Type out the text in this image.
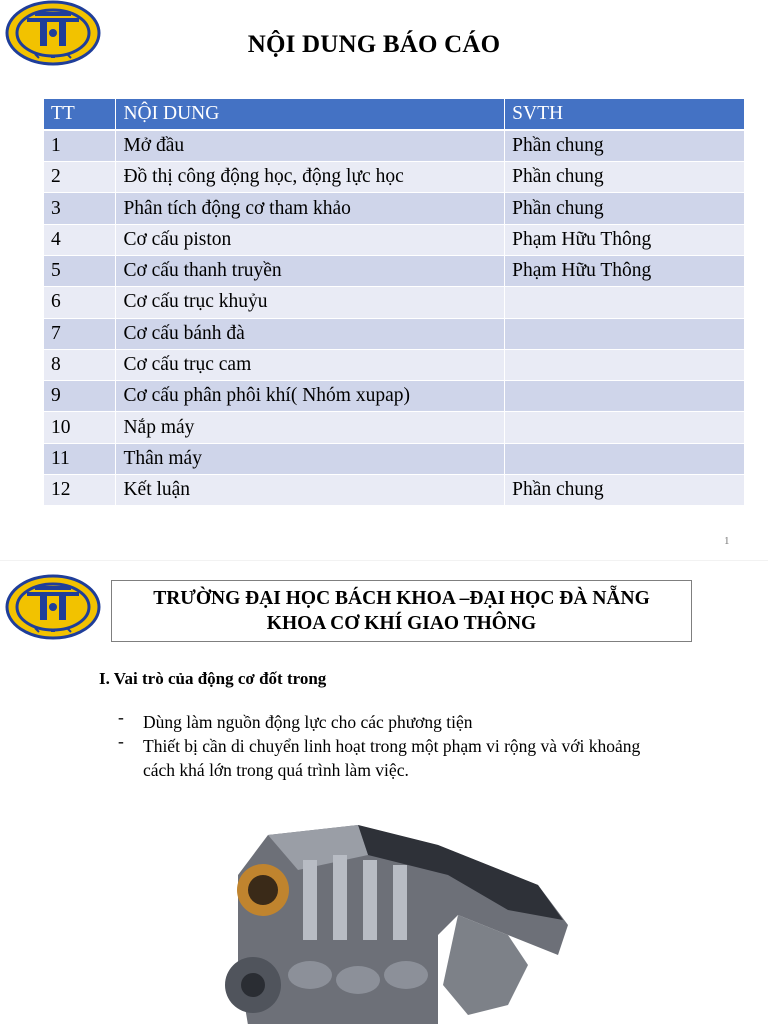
NỘI DUNG BÁO CÁO
TT	NỘI DUNG	SVTH
1	Mở đầu	Phần chung
2	Đồ thị công động học, động lực học	Phần chung
3	Phân tích động cơ tham khảo	Phần chung
4	Cơ cấu piston	Phạm Hữu Thông
5	Cơ cấu thanh truyền	Phạm Hữu Thông
6	Cơ cấu trục khuỷu	
7	Cơ cấu bánh đà	
8	Cơ cấu trục cam	
9	Cơ cấu phân phôi khí( Nhóm xupap)	
10	Nắp máy	
11	Thân máy	
12	Kết luận	Phần chung
1
TRƯỜNG ĐẠI HỌC BÁCH KHOA –ĐẠI HỌC ĐÀ NẴNG
KHOA CƠ KHÍ GIAO THÔNG
I. Vai trò của động cơ đốt trong
- Dùng làm nguồn động lực cho các phương tiện
- Thiết bị cần di chuyển linh hoạt trong một phạm vi rộng và với khoảng cách khá lớn trong quá trình làm việc.
